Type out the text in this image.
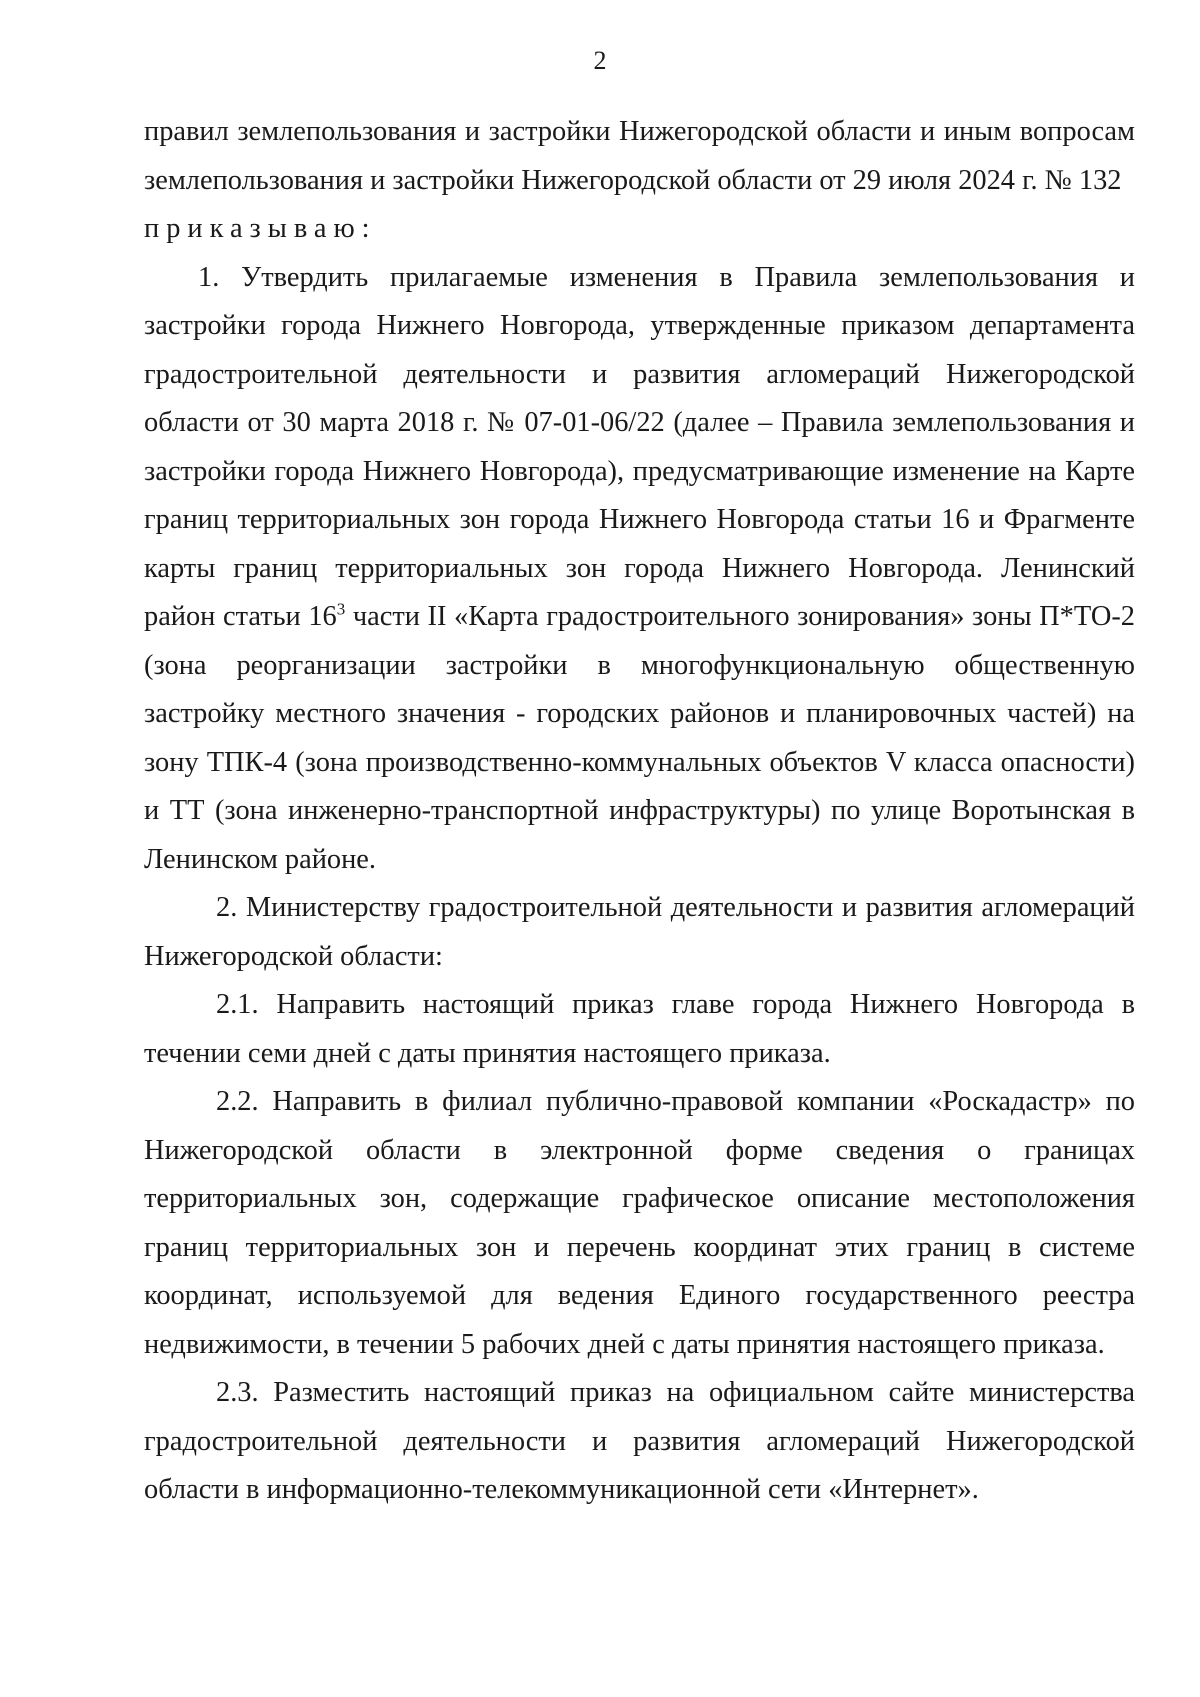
2

правил землепользования и застройки Нижегородской области и иным вопросам землепользования и застройки Нижегородской области от 29 июля 2024 г. № 132

приказываю:

1. Утвердить прилагаемые изменения в Правила землепользования и застройки города Нижнего Новгорода, утвержденные приказом департамента градостроительной деятельности и развития агломераций Нижегородской области от 30 марта 2018 г. № 07-01-06/22 (далее – Правила землепользования и застройки города Нижнего Новгорода), предусматривающие изменение на Карте границ территориальных зон города Нижнего Новгорода статьи 16 и Фрагменте карты границ территориальных зон города Нижнего Новгорода. Ленинский район статьи $16^3$ части II «Карта градостроительного зонирования» зоны П*ТО-2 (зона реорганизации застройки в многофункциональную общественную застройку местного значения - городских районов и планировочных частей) на зону ТПК-4 (зона производственно-коммунальных объектов V класса опасности) и ТТ (зона инженерно-транспортной инфраструктуры) по улице Воротынская в Ленинском районе.

2. Министерству градостроительной деятельности и развития агломераций Нижегородской области:

2.1. Направить настоящий приказ главе города Нижнего Новгорода в течении семи дней с даты принятия настоящего приказа.

2.2. Направить в филиал публично-правовой компании «Роскадастр» по Нижегородской области в электронной форме сведения о границах территориальных зон, содержащие графическое описание местоположения границ территориальных зон и перечень координат этих границ в системе координат, используемой для ведения Единого государственного реестра недвижимости, в течении 5 рабочих дней с даты принятия настоящего приказа.

2.3. Разместить настоящий приказ на официальном сайте министерства градостроительной деятельности и развития агломераций Нижегородской области в информационно-телекоммуникационной сети «Интернет».
